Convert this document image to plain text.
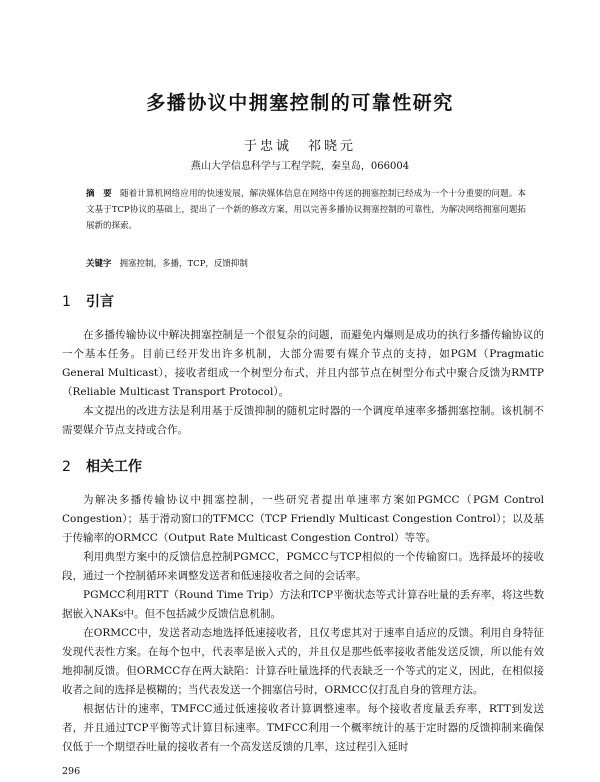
多播协议中拥塞控制的可靠性研究
于忠诚　祁晓元
燕山大学信息科学与工程学院，秦皇岛，066004
摘　要 随着计算机网络应用的快速发展，解决媒体信息在网络中传送的拥塞控制已经成为一个十分重要的问题。本文基于TCP协议的基础上，提出了一个新的修改方案，用以完善多播协议拥塞控制的可靠性，为解决网络拥塞问题拓展新的探索。
关键字 拥塞控制，多播，TCP，反馈抑制
1 引言
在多播传输协议中解决拥塞控制是一个很复杂的问题，而避免内爆则是成功的执行多播传输协议的一个基本任务。目前已经开发出许多机制，大部分需要有媒介节点的支持，如PGM（Pragmatic General Multicast），接收者组成一个树型分布式，并且内部节点在树型分布式中聚合反馈为RMTP（Reliable Multicast Transport Protocol）。
本文提出的改进方法是利用基于反馈抑制的随机定时器的一个调度单速率多播拥塞控制。该机制不需要媒介节点支持或合作。
2 相关工作
为解决多播传输协议中拥塞控制，一些研究者提出单速率方案如PGMCC（PGM Control Congestion）；基于滑动窗口的TFMCC（TCP Friendly Multicast Congestion Control）；以及基于传输率的ORMCC（Output Rate Multicast Congestion Control）等等。
利用典型方案中的反馈信息控制PGMCC，PGMCC与TCP相似的一个传输窗口。选择最坏的接收段，通过一个控制循环来调整发送者和低速接收者之间的会话率。
PGMCC利用RTT（Round Time Trip）方法和TCP平衡状态等式计算吞吐量的丢弃率，将这些数据嵌入NAKs中。但不包括减少反馈信息机制。
在ORMCC中，发送者动态地选择低速接收者，且仅考虑其对于速率自适应的反馈。利用自身特征发现代表性方案。在每个包中，代表率是嵌入式的，并且仅是那些低率接收者能发送反馈，所以能有效地抑制反馈。但ORMCC存在两大缺陷：计算吞吐量选择的代表缺乏一个等式的定义，因此，在相似接收者之间的选择是模糊的；当代表发送一个拥塞信号时，ORMCC仅打乱自身的管理方法。
根据估计的速率，TMFCC通过低速接收者计算调整速率。每个接收者度量丢弃率，RTT到发送者，并且通过TCP平衡等式计算目标速率。TMFCC利用一个概率统计的基于定时器的反馈抑制来确保仅低于一个期望吞吐量的接收者有一个高发送反馈的几率，这过程引入延时
296
